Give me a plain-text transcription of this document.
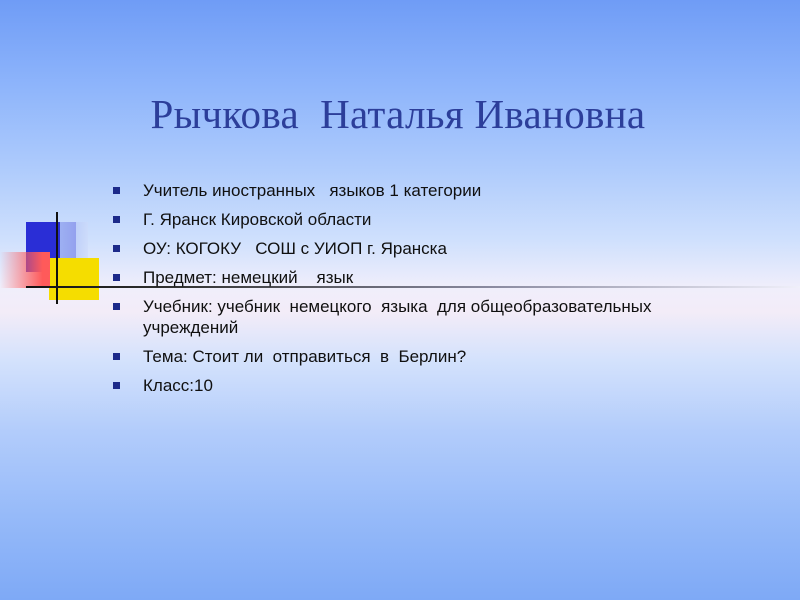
Рычкова  Наталья Ивановна
Учитель иностранных   языков 1 категории
Г. Яранск Кировской области
ОУ: КОГОКУ   СОШ с УИОП г. Яранска
Предмет: немецкий    язык
Учебник: учебник  немецкого  языка  для общеобразовательных учреждений
Тема: Стоит ли  отправиться  в  Берлин?
Класс:10
